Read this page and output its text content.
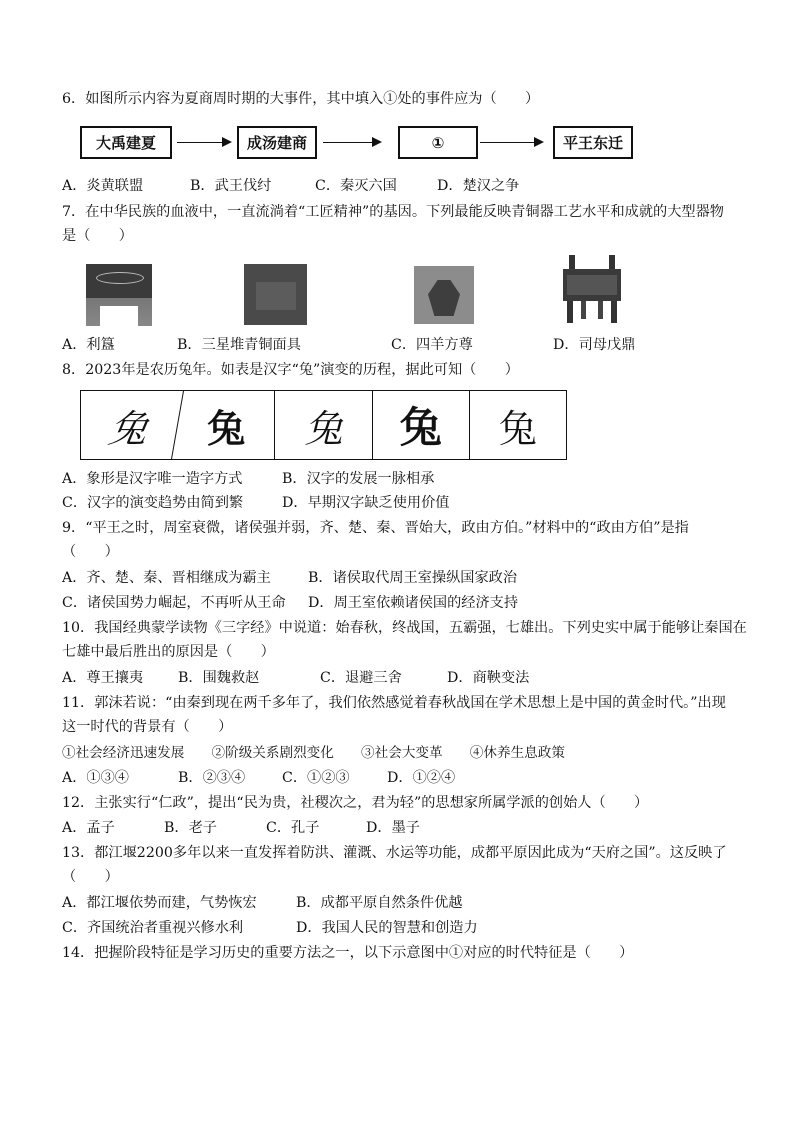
6．如图所示内容为夏商周时期的大事件，其中填入①处的事件应为（　　）
大禹建夏	成汤建商	①	平王东迁
A．炎黄联盟	B．武王伐纣	C．秦灭六国	D．楚汉之争
7．在中华民族的血液中，一直流淌着“工匠精神”的基因。下列最能反映青铜器工艺水平和成就的大型器物
是（　　）
A．利簋	B．三星堆青铜面具	C．四羊方尊	D．司母戊鼎
8．2023年是农历兔年。如表是汉字“兔”演变的历程，据此可知（　　）
兔	兔	兔	兔	兔
A．象形是汉字唯一造字方式	B．汉字的发展一脉相承
C．汉字的演变趋势由简到繁	D．早期汉字缺乏使用价值
9．“平王之时，周室衰微，诸侯强并弱，齐、楚、秦、晋始大，政由方伯。”材料中的“政由方伯”是指
（　　）
A．齐、楚、秦、晋相继成为霸主	B．诸侯取代周王室操纵国家政治
C．诸侯国势力崛起，不再听从王命 D．周王室依赖诸侯国的经济支持
10．我国经典蒙学读物《三字经》中说道：始春秋，终战国，五霸强，七雄出。下列史实中属于能够让秦国在
七雄中最后胜出的原因是（　　）
A．尊王攘夷 B．围魏救赵	C．退避三舍	D．商鞅变法
11．郭沫若说：“由秦到现在两千多年了，我们依然感觉着春秋战国在学术思想上是中国的黄金时代。”出现
这一时代的背景有（　　）
①社会经济迅速发展　　②阶级关系剧烈变化　　③社会大变革　　④休养生息政策
A．①③④	B．②③④	C．①②③	D．①②④
12．主张实行“仁政”，提出“民为贵，社稷次之，君为轻”的思想家所属学派的创始人（　　）
A．孟子	B．老子	C．孔子	D．墨子
13．都江堰2200多年以来一直发挥着防洪、灌溉、水运等功能，成都平原因此成为“天府之国”。这反映了
（　　）
A．都江堰依势而建，气势恢宏	B．成都平原自然条件优越
C．齐国统治者重视兴修水利	D．我国人民的智慧和创造力
14．把握阶段特征是学习历史的重要方法之一，以下示意图中①对应的时代特征是（　　）
